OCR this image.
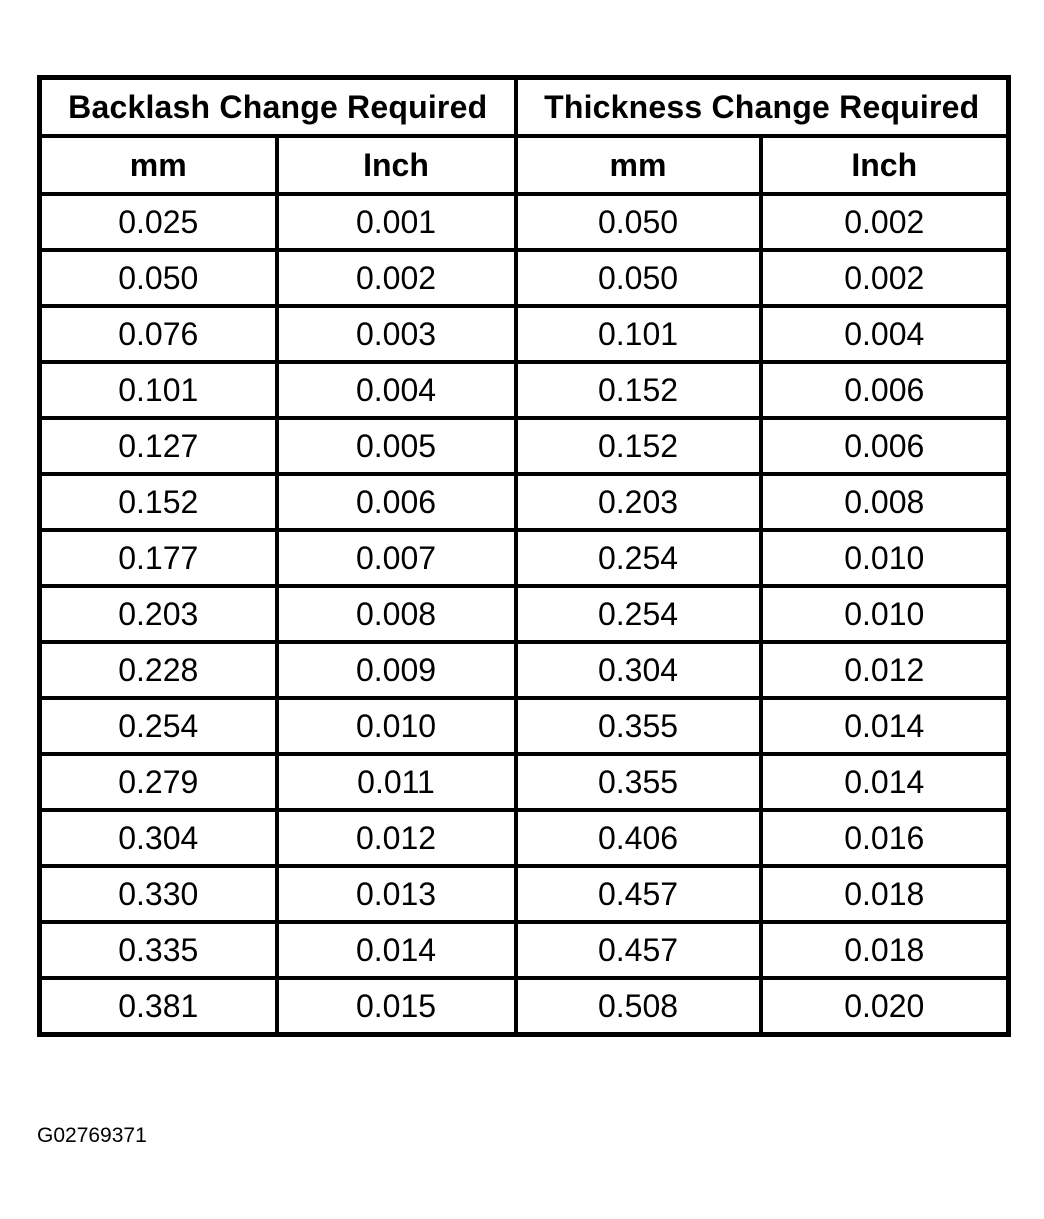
Backlash Change Required		Thickness Change Required	
mm	Inch	mm	Inch
0.025	0.001	0.050	0.002
0.050	0.002	0.050	0.002
0.076	0.003	0.101	0.004
0.101	0.004	0.152	0.006
0.127	0.005	0.152	0.006
0.152	0.006	0.203	0.008
0.177	0.007	0.254	0.010
0.203	0.008	0.254	0.010
0.228	0.009	0.304	0.012
0.254	0.010	0.355	0.014
0.279	0.011	0.355	0.014
0.304	0.012	0.406	0.016
0.330	0.013	0.457	0.018
0.335	0.014	0.457	0.018
0.381	0.015	0.508	0.020
G02769371
